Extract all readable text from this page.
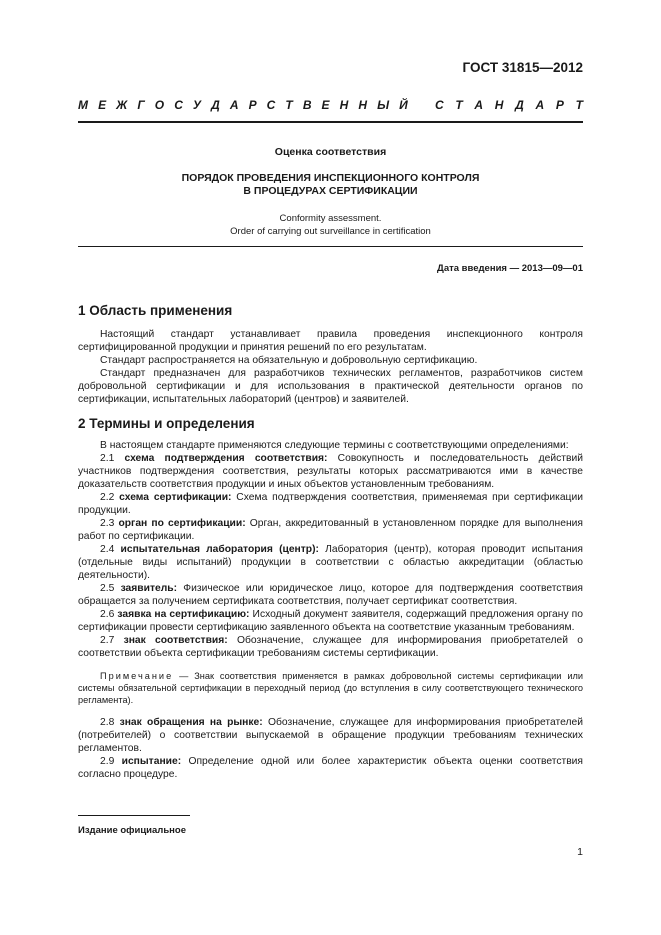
ГОСТ 31815—2012
М Е Ж Г О С У Д А Р С Т В Е Н Н Ы Й С Т А Н Д А Р Т
Оценка соответствия
ПОРЯДОК ПРОВЕДЕНИЯ ИНСПЕКЦИОННОГО КОНТРОЛЯ
В ПРОЦЕДУРАХ СЕРТИФИКАЦИИ
Conformity assessment.
Order of carrying out surveillance in certification
Дата введения — 2013—09—01
1 Область применения

Настоящий стандарт устанавливает правила проведения инспекционного контроля сертифицированной продукции и принятия решений по его результатам.

Стандарт распространяется на обязательную и добровольную сертификацию.

Стандарт предназначен для разработчиков технических регламентов, разработчиков систем добровольной сертификации и для использования в практической деятельности органов по сертификации, испытательных лабораторий (центров) и заявителей.

2 Термины и определения

В настоящем стандарте применяются следующие термины с соответствующими определениями:

2.1 схема подтверждения соответствия: Совокупность и последовательность действий участников подтверждения соответствия, результаты которых рассматриваются ими в качестве доказательств соответствия продукции и иных объектов установленным требованиям.

2.2 схема сертификации: Схема подтверждения соответствия, применяемая при сертификации продукции.

2.3 орган по сертификации: Орган, аккредитованный в установленном порядке для выполнения работ по сертификации.

2.4 испытательная лаборатория (центр): Лаборатория (центр), которая проводит испытания (отдельные виды испытаний) продукции в соответствии с областью аккредитации (областью деятельности).

2.5 заявитель: Физическое или юридическое лицо, которое для подтверждения соответствия обращается за получением сертификата соответствия, получает сертификат соответствия.

2.6 заявка на сертификацию: Исходный документ заявителя, содержащий предложения органу по сертификации провести сертификацию заявленного объекта на соответствие указанным требованиям.

2.7 знак соответствия: Обозначение, служащее для информирования приобретателей о соответствии объекта сертификации требованиям системы сертификации.

Примечание — Знак соответствия применяется в рамках добровольной системы сертификации или системы обязательной сертификации в переходный период (до вступления в силу соответствующего технического регламента).

2.8 знак обращения на рынке: Обозначение, служащее для информирования приобретателей (потребителей) о соответствии выпускаемой в обращение продукции требованиям технических регламентов.

2.9 испытание: Определение одной или более характеристик объекта оценки соответствия согласно процедуре.

Издание официальное
1
